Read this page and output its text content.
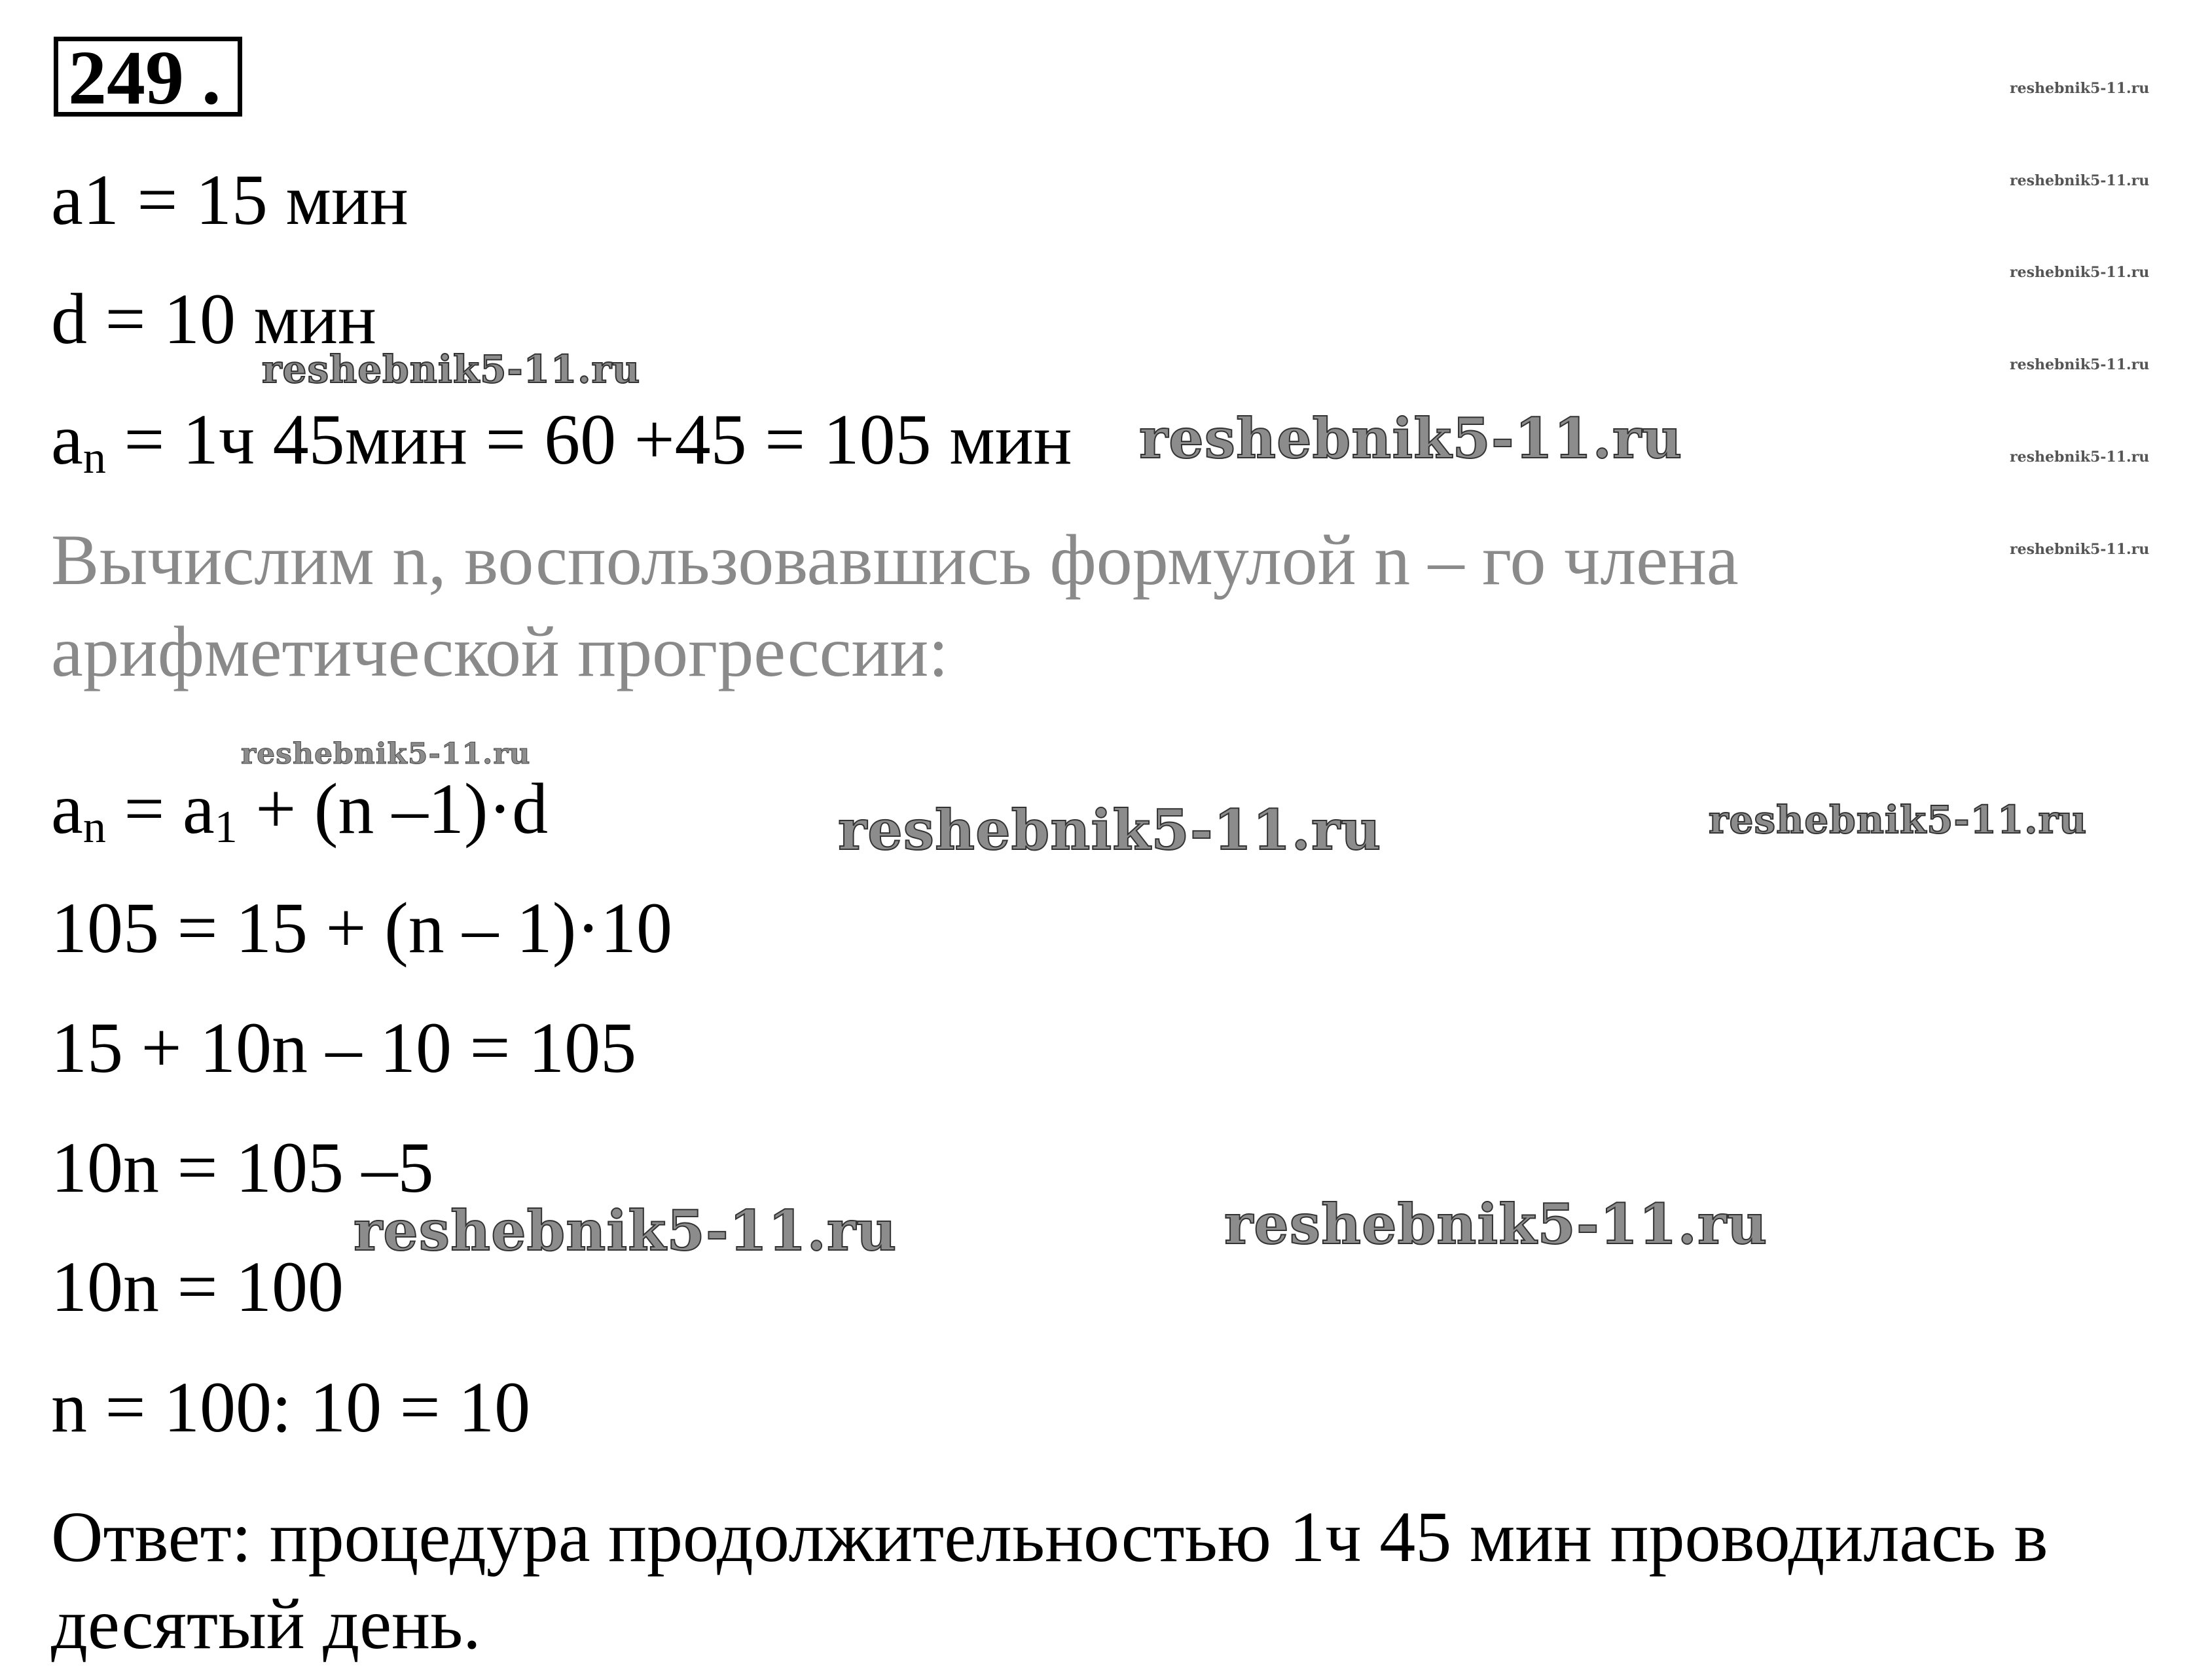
249 .
a1 = 15 мин
d = 10 мин
$a_n = 1ч$ 45мин = 60 +45 = 105 мин
Вычислим n, воспользовавшись формулой n – го члена
арифметической прогрессии:
$a_n = a_1 + (n$ –1)·d
105 = 15 + (n – 1)·10
15 + 10n – 10 = 105
10n = 105 –5
10n = 100
n = 100: 10 = 10
Ответ: процедура продолжительностью 1ч 45 мин проводилась в
десятый день.
reshebnik5-11.ru
reshebnik5-11.ru
reshebnik5-11.ru
reshebnik5-11.ru	reshebnik5-11.ru
reshebnik5-11.ru	reshebnik5-11.ru
reshebnik5-11.ru
reshebnik5-11.ru
reshebnik5-11.ru
reshebnik5-11.ru
reshebnik5-11.ru
reshebnik5-11.ru
